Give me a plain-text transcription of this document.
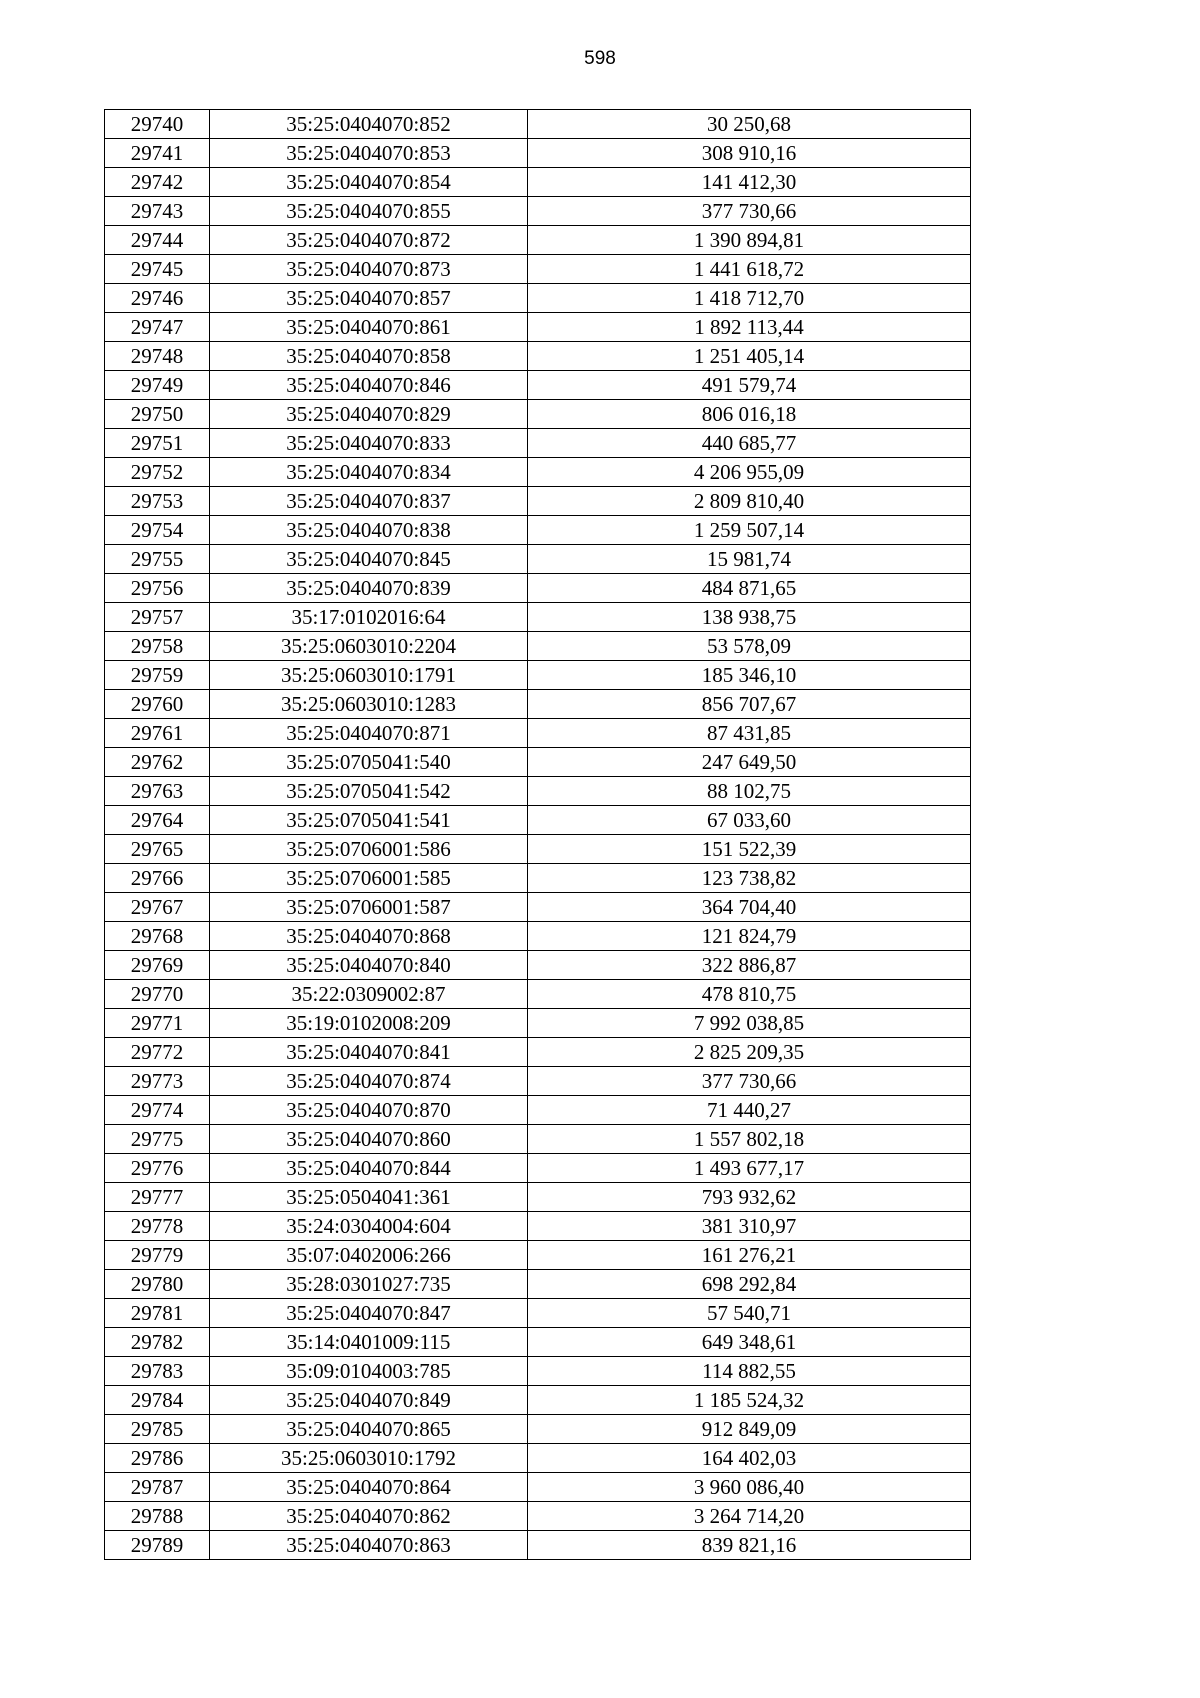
598
29740	35:25:0404070:852	30 250,68
29741	35:25:0404070:853	308 910,16
29742	35:25:0404070:854	141 412,30
29743	35:25:0404070:855	377 730,66
29744	35:25:0404070:872	1 390 894,81
29745	35:25:0404070:873	1 441 618,72
29746	35:25:0404070:857	1 418 712,70
29747	35:25:0404070:861	1 892 113,44
29748	35:25:0404070:858	1 251 405,14
29749	35:25:0404070:846	491 579,74
29750	35:25:0404070:829	806 016,18
29751	35:25:0404070:833	440 685,77
29752	35:25:0404070:834	4 206 955,09
29753	35:25:0404070:837	2 809 810,40
29754	35:25:0404070:838	1 259 507,14
29755	35:25:0404070:845	15 981,74
29756	35:25:0404070:839	484 871,65
29757	35:17:0102016:64	138 938,75
29758	35:25:0603010:2204	53 578,09
29759	35:25:0603010:1791	185 346,10
29760	35:25:0603010:1283	856 707,67
29761	35:25:0404070:871	87 431,85
29762	35:25:0705041:540	247 649,50
29763	35:25:0705041:542	88 102,75
29764	35:25:0705041:541	67 033,60
29765	35:25:0706001:586	151 522,39
29766	35:25:0706001:585	123 738,82
29767	35:25:0706001:587	364 704,40
29768	35:25:0404070:868	121 824,79
29769	35:25:0404070:840	322 886,87
29770	35:22:0309002:87	478 810,75
29771	35:19:0102008:209	7 992 038,85
29772	35:25:0404070:841	2 825 209,35
29773	35:25:0404070:874	377 730,66
29774	35:25:0404070:870	71 440,27
29775	35:25:0404070:860	1 557 802,18
29776	35:25:0404070:844	1 493 677,17
29777	35:25:0504041:361	793 932,62
29778	35:24:0304004:604	381 310,97
29779	35:07:0402006:266	161 276,21
29780	35:28:0301027:735	698 292,84
29781	35:25:0404070:847	57 540,71
29782	35:14:0401009:115	649 348,61
29783	35:09:0104003:785	114 882,55
29784	35:25:0404070:849	1 185 524,32
29785	35:25:0404070:865	912 849,09
29786	35:25:0603010:1792	164 402,03
29787	35:25:0404070:864	3 960 086,40
29788	35:25:0404070:862	3 264 714,20
29789	35:25:0404070:863	839 821,16
